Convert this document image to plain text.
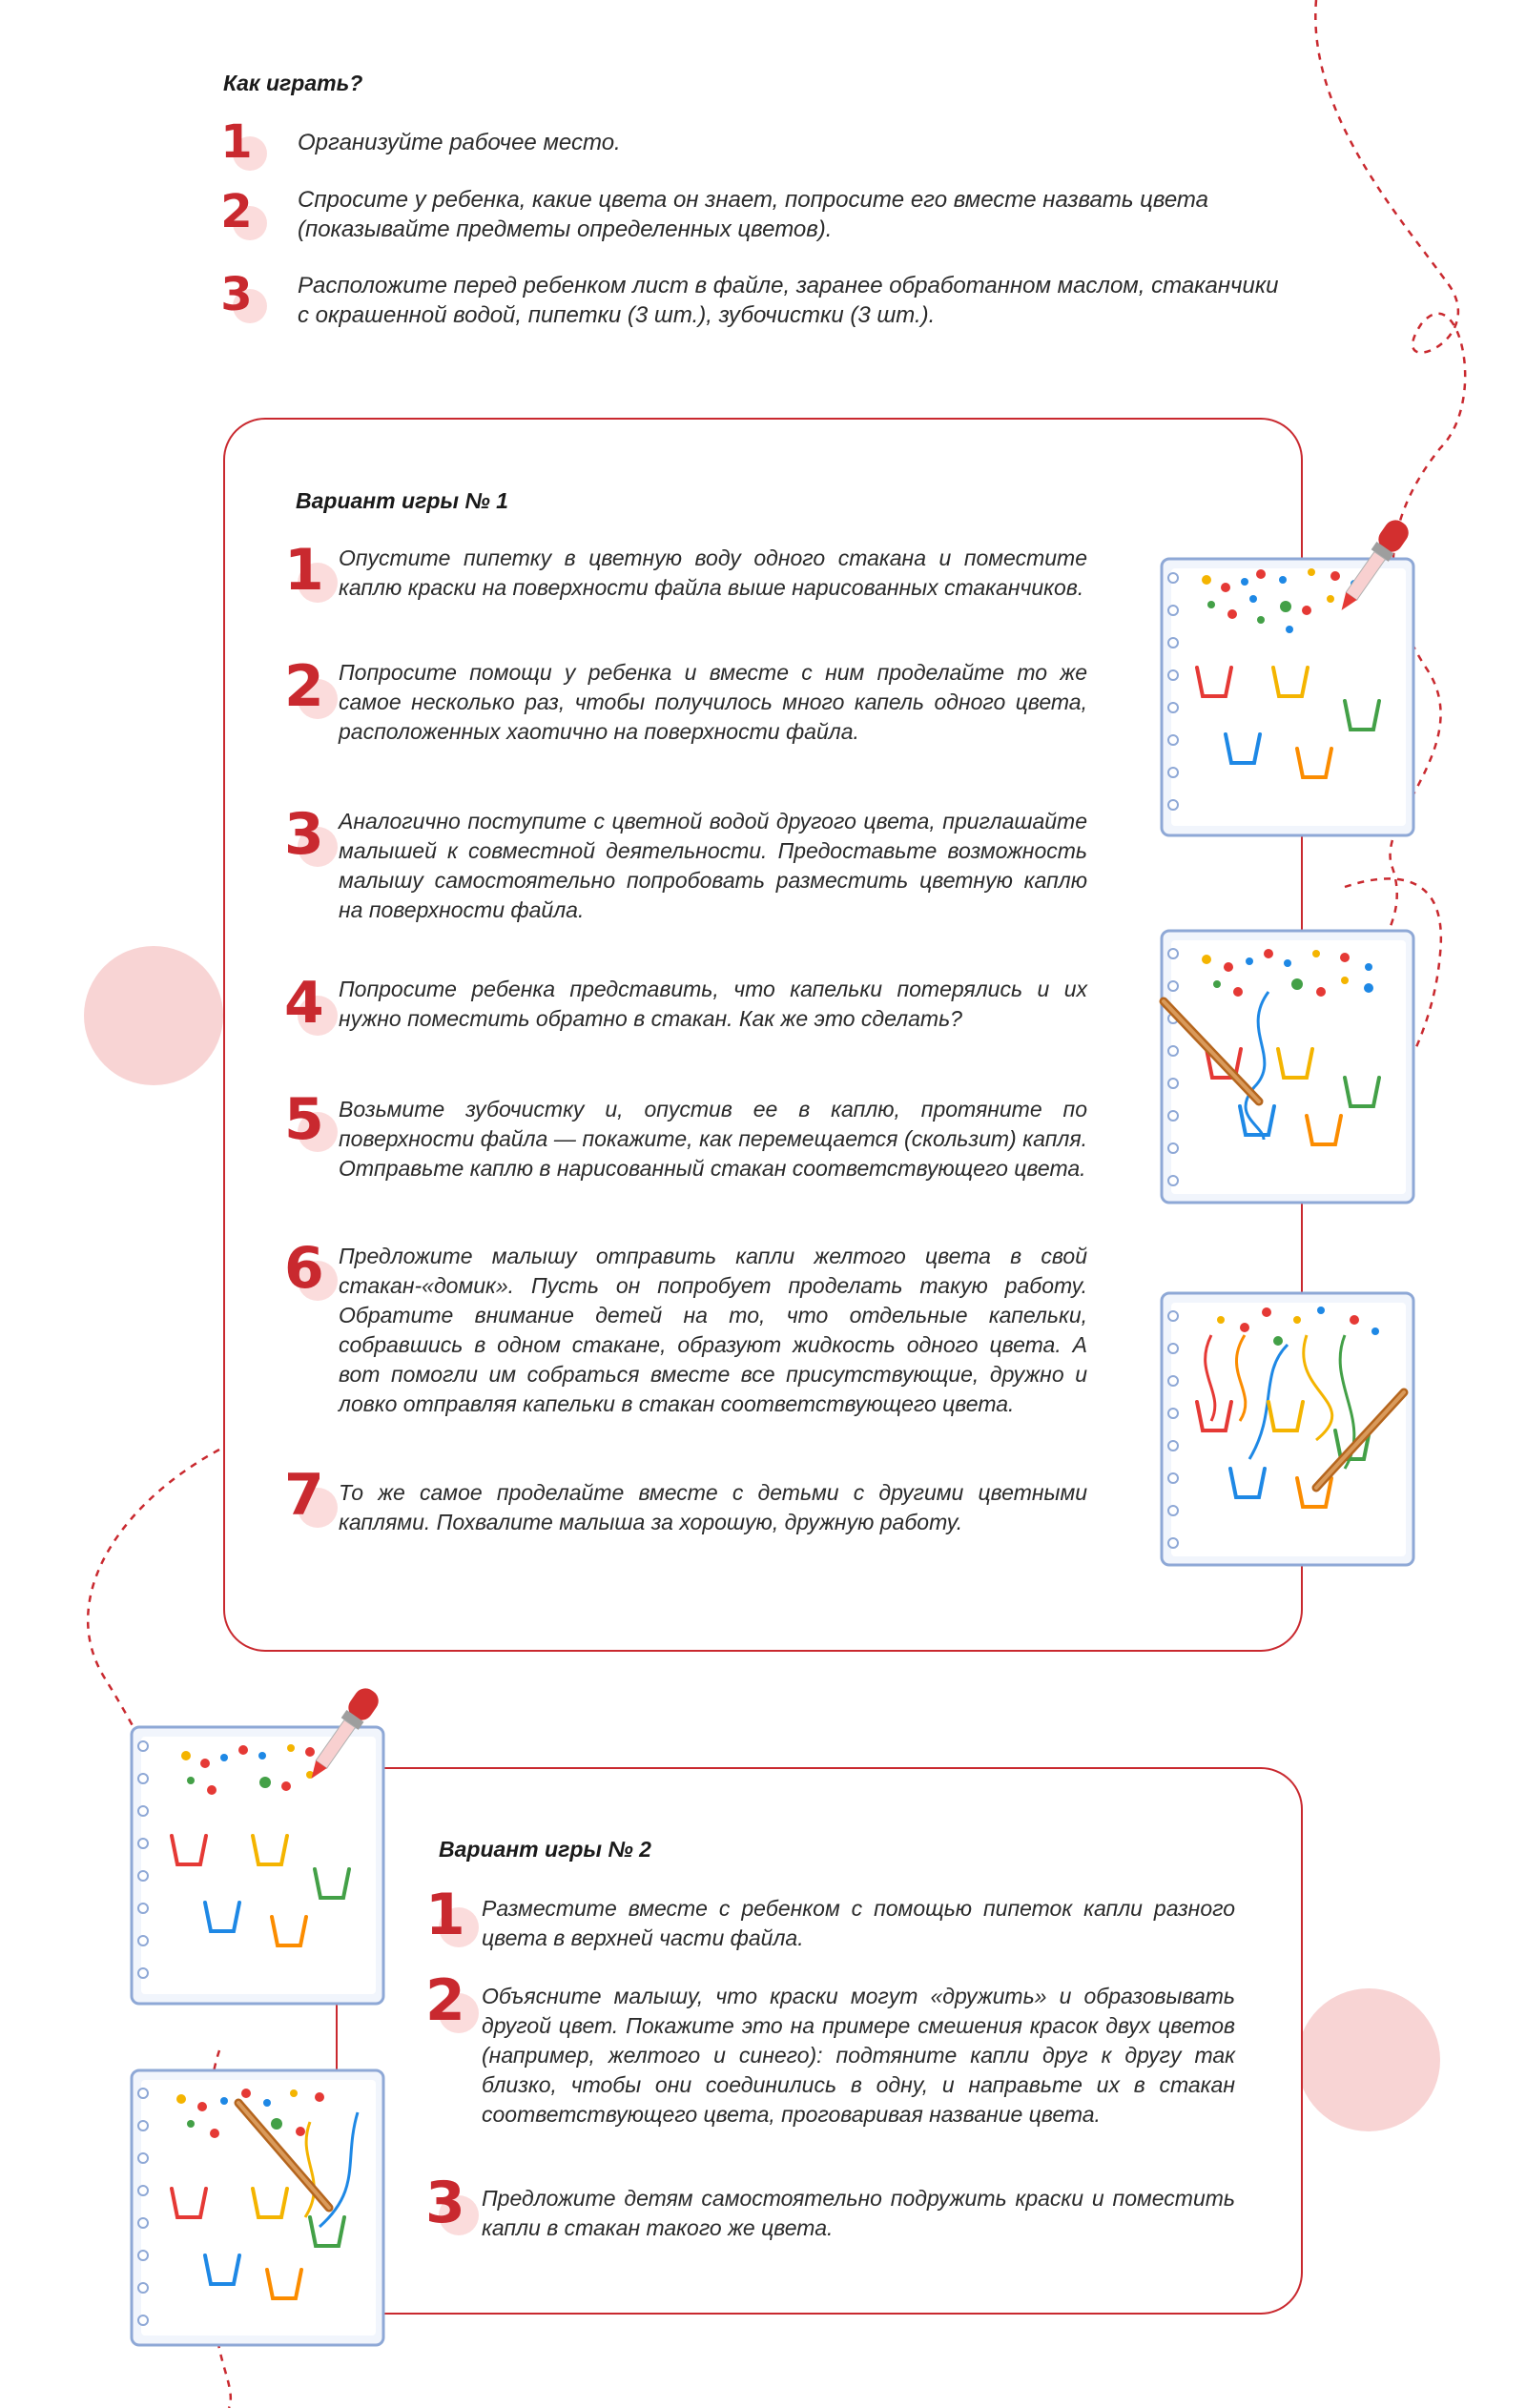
Как играть?
1 Организуйте рабочее место.
2 Спросите у ребенка, какие цвета он знает, попросите его вместе назвать цвета (показывайте предметы определенных цветов).
3 Расположите перед ребенком лист в файле, заранее обработанном маслом, стаканчики с окрашенной водой, пипетки (3 шт.), зубочистки (3 шт.).
Вариант игры № 1
1 Опустите пипетку в цветную воду одного стакана и поместите каплю краски на поверхности файла выше нарисованных стаканчиков.
2 Попросите помощи у ребенка и вместе с ним проделайте то же самое несколько раз, чтобы получилось много капель одного цвета, расположенных хаотично на поверхности файла.
3 Аналогично поступите с цветной водой другого цвета, приглашайте малышей к совместной деятельности. Предоставьте возможность малышу самостоятельно попробовать разместить цветную каплю на поверхности файла.
4 Попросите ребенка представить, что капельки потерялись и их нужно поместить обратно в стакан. Как же это сделать?
5 Возьмите зубочистку и, опустив ее в каплю, протяните по поверхности файла — покажите, как перемещается (скользит) капля. Отправьте каплю в нарисованный стакан соответствующего цвета.
6 Предложите малышу отправить капли желтого цвета в свой стакан-«домик». Пусть он попробует проделать такую работу. Обратите внимание детей на то, что отдельные капельки, собравшись в одном стакане, образуют жидкость одного цвета. А вот помогли им собраться вместе все присутствующие, дружно и ловко отправляя капельки в стакан соответствующего цвета.
7 То же самое проделайте вместе с детьми с другими цветными каплями. Похвалите малыша за хорошую, дружную работу.
Вариант игры № 2
1 Разместите вместе с ребенком с помощью пипеток капли разного цвета в верхней части файла.
2 Объясните малышу, что краски могут «дружить» и образовывать другой цвет. Покажите это на примере смешения красок двух цветов (например, желтого и синего): подтяните капли друг к другу так близко, чтобы они соединились в одну, и направьте их в стакан соответствующего цвета, проговаривая название цвета.
3 Предложите детям самостоятельно подружить краски и поместить капли в стакан такого же цвета.
